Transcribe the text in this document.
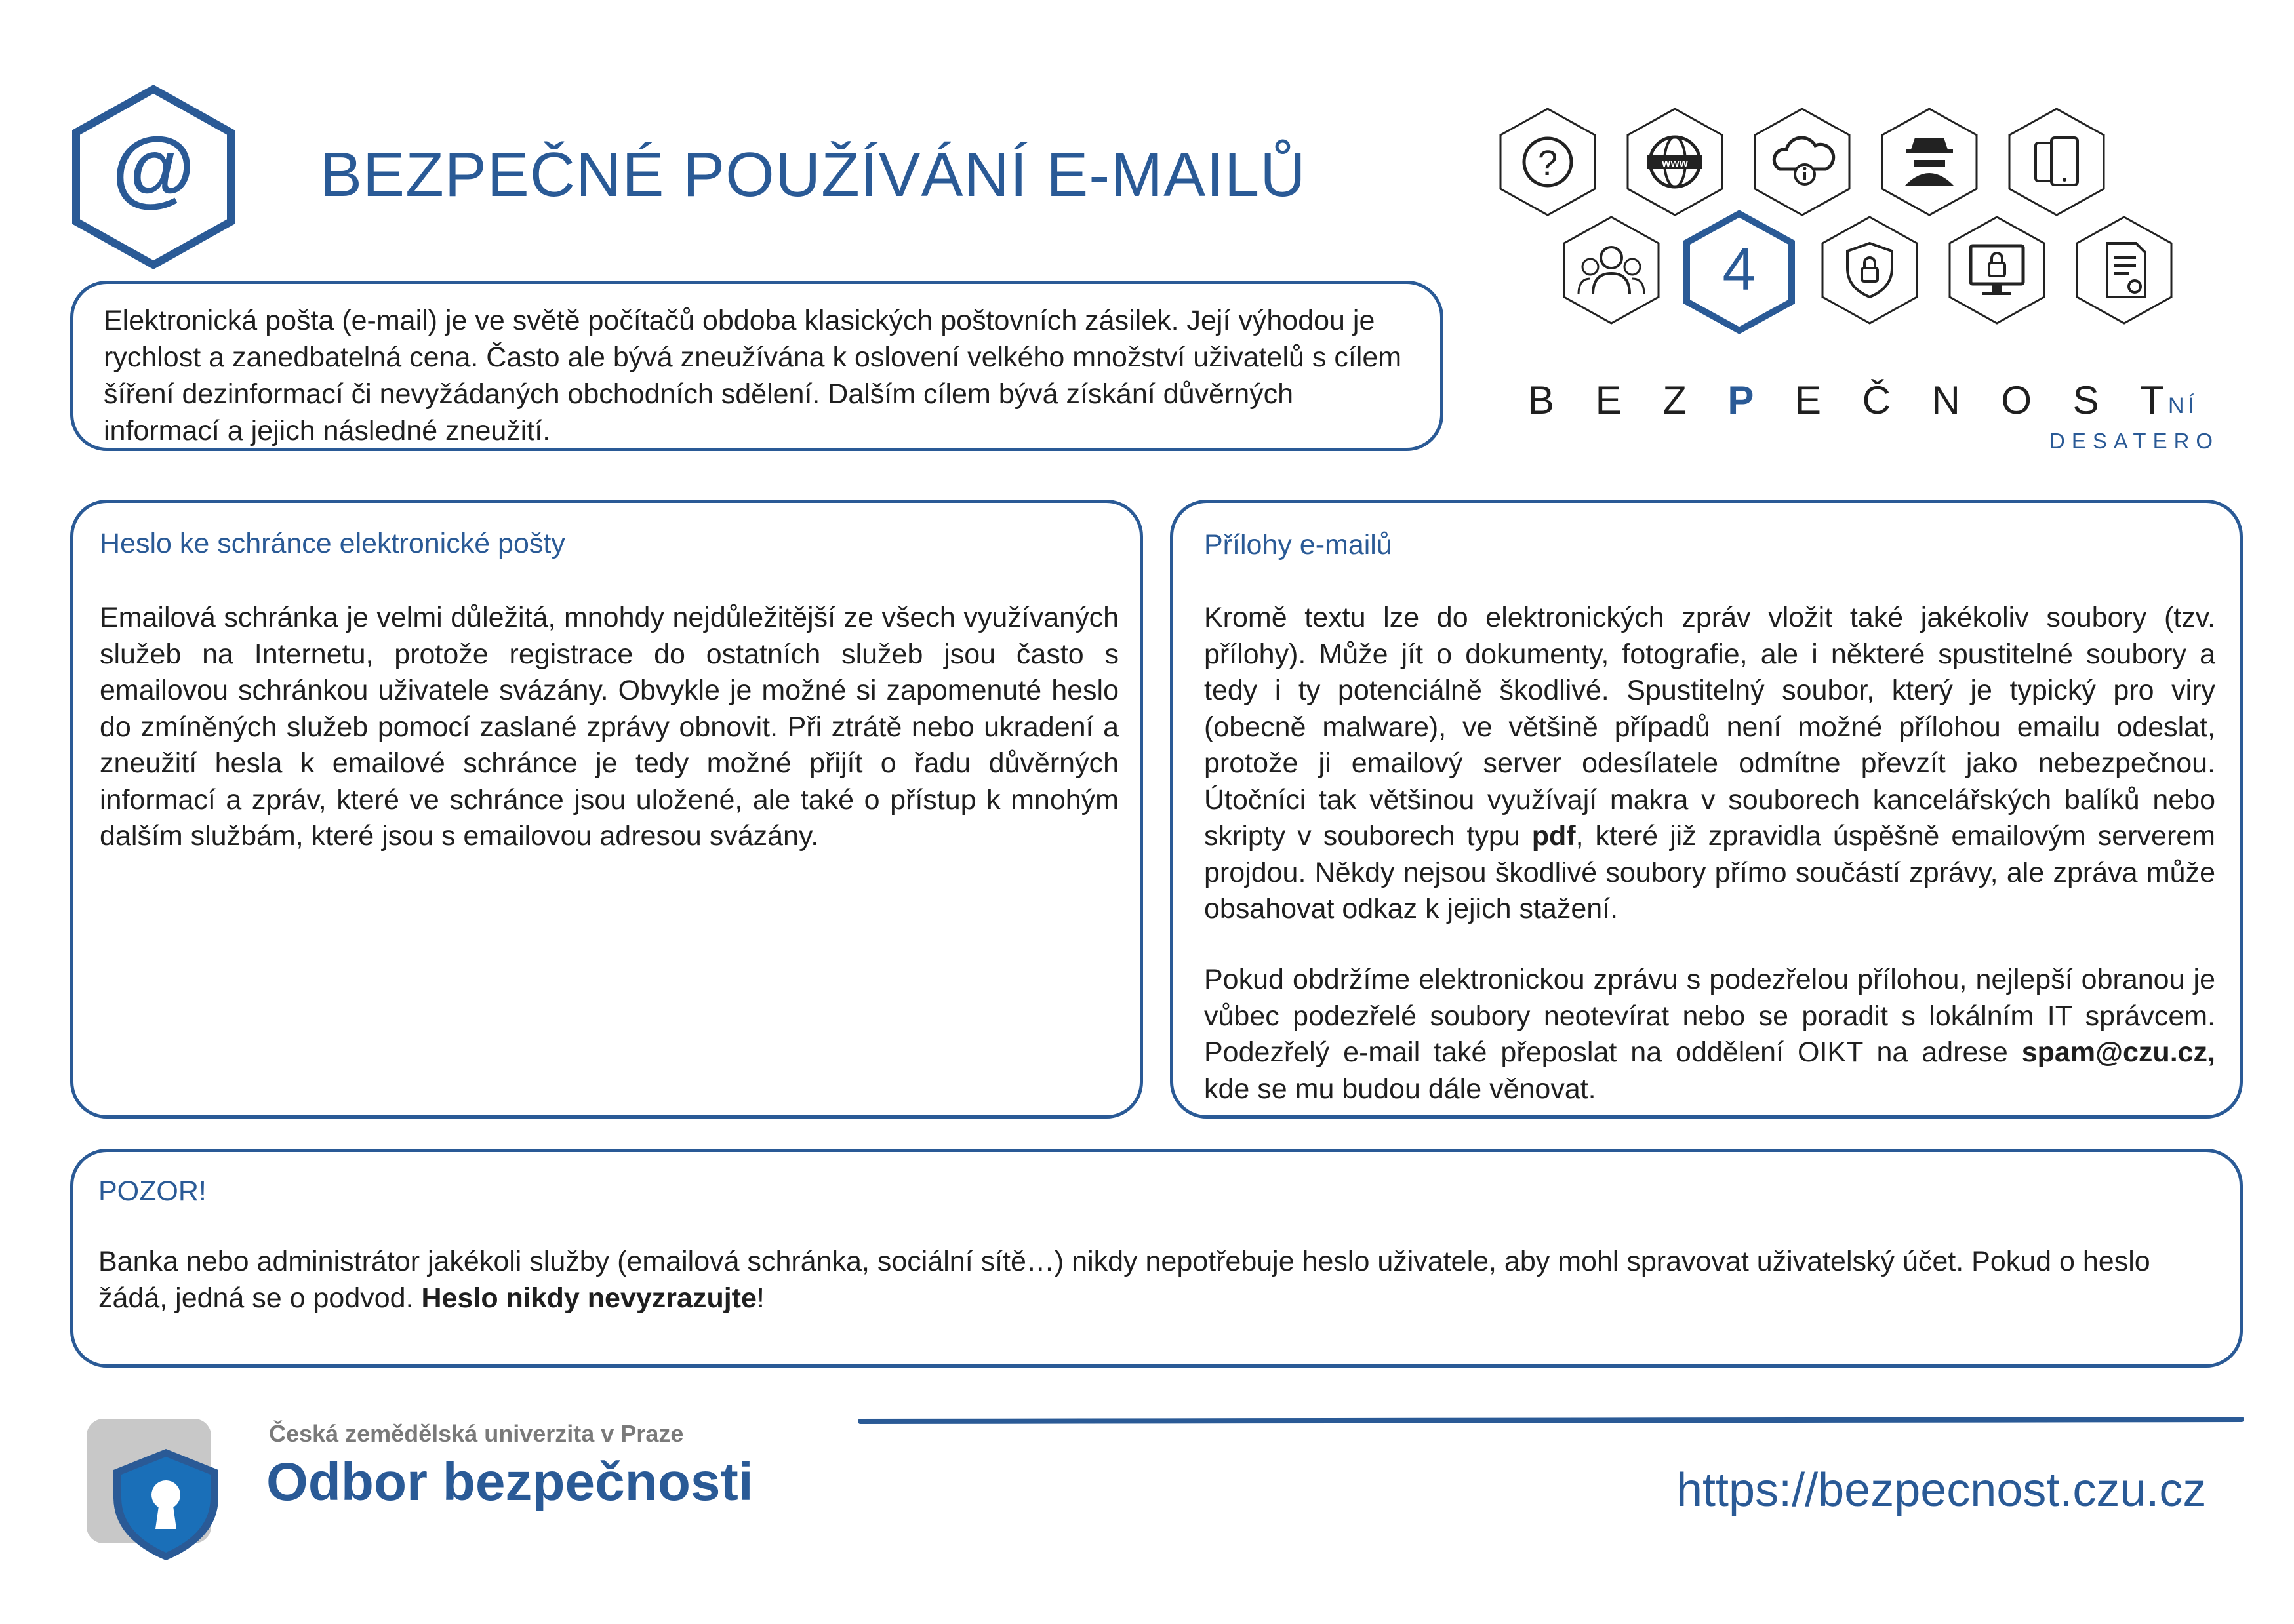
@ BEZPEČNÉ POUŽÍVÁNÍ E-MAILŮ
Elektronická pošta (e-mail) je ve světě počítačů obdoba klasických poštovních zásilek. Její výhodou je rychlost a zanedbatelná cena. Často ale bývá zneužívána k oslovení velkého množství uživatelů s cílem šíření dezinformací či nevyžádaných obchodních sdělení. Dalším cílem bývá získání důvěrných informací a jejich následné zneužití.
?	www
4
B E Z P E Č N O S T NÍ
DESATERO
Heslo ke schránce elektronické pošty
Emailová schránka je velmi důležitá, mnohdy nejdůležitější ze všech využívaných služeb na Internetu, protože registrace do ostatních služeb jsou často s emailovou schránkou uživatele svázány. Obvykle je možné si zapomenuté heslo do zmíněných služeb pomocí zaslané zprávy obnovit. Při ztrátě nebo ukradení a zneužití hesla k emailové schránce je tedy možné přijít o řadu důvěrných informací a zpráv, které ve schránce jsou uložené, ale také o přístup k mnohým dalším službám, které jsou s emailovou adresou svázány.
Přílohy e-mailů
Kromě textu lze do elektronických zpráv vložit také jakékoliv soubory (tzv. přílohy). Může jít o dokumenty, fotografie, ale i některé spustitelné soubory a tedy i ty potenciálně škodlivé. Spustitelný soubor, který je typický pro viry (obecně malware), ve většině případů není možné přílohou emailu odeslat, protože ji emailový server odesílatele odmítne převzít jako nebezpečnou. Útočníci tak většinou využívají makra v souborech kancelářských balíků nebo skripty v souborech typu pdf, které již zpravidla úspěšně emailovým serverem projdou. Někdy nejsou škodlivé soubory přímo součástí zprávy, ale zpráva může obsahovat odkaz k jejich stažení.
Pokud obdržíme elektronickou zprávu s podezřelou přílohou, nejlepší obranou je vůbec podezřelé soubory neotevírat nebo se poradit s lokálním IT správcem. Podezřelý e-mail také přeposlat na oddělení OIKT na adrese spam@czu.cz, kde se mu budou dále věnovat.
POZOR!
Banka nebo administrátor jakékoli služby (emailová schránka, sociální sítě…) nikdy nepotřebuje heslo uživatele, aby mohl spravovat uživatelský účet. Pokud o heslo žádá, jedná se o podvod. Heslo nikdy nevyzrazujte!
Česká zemědělská univerzita v Praze
Odbor bezpečnosti	https://bezpecnost.czu.cz
